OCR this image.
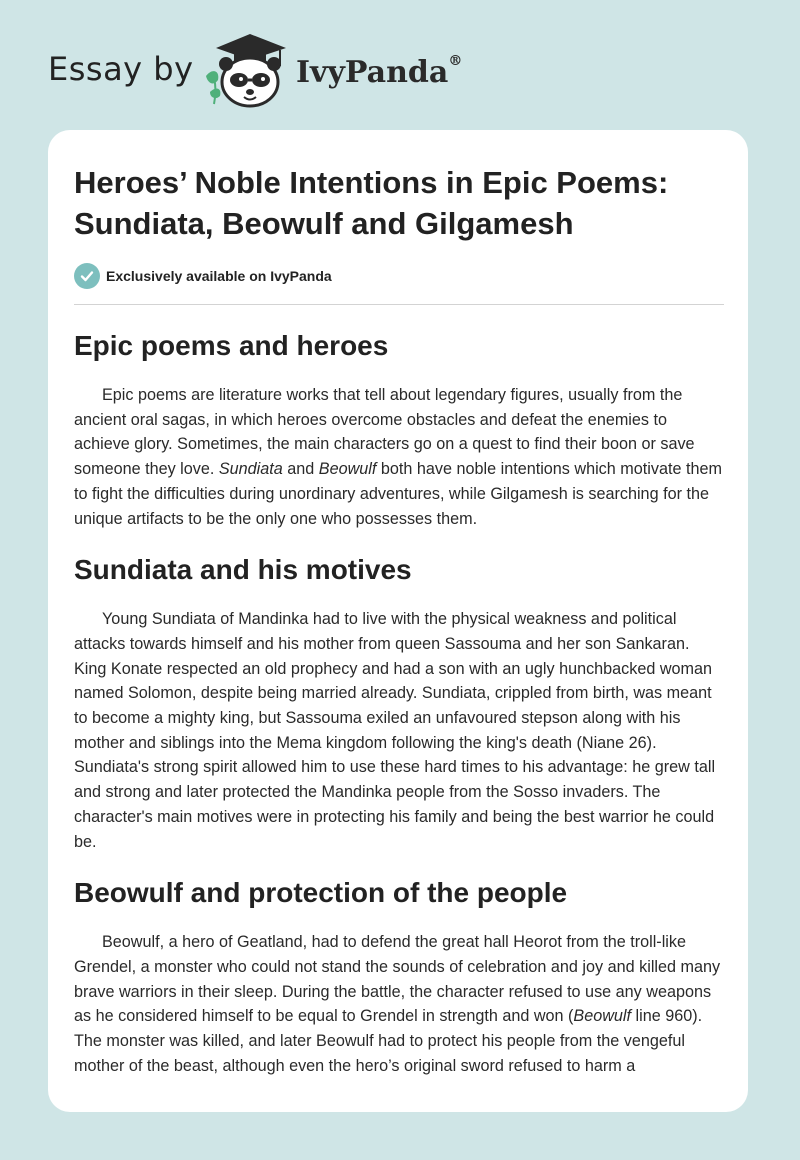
Essay by	IvyPanda®
Heroes’ Noble Intentions in Epic Poems: Sundiata, Beowulf and Gilgamesh
Exclusively available on IvyPanda
Epic poems and heroes

Epic poems are literature works that tell about legendary figures, usually from the ancient oral sagas, in which heroes overcome obstacles and defeat the enemies to achieve glory. Sometimes, the main characters go on a quest to find their boon or save someone they love. Sundiata and Beowulf both have noble intentions which motivate them to fight the difficulties during unordinary adventures, while Gilgamesh is searching for the unique artifacts to be the only one who possesses them.

Sundiata and his motives

Young Sundiata of Mandinka had to live with the physical weakness and political attacks towards himself and his mother from queen Sassouma and her son Sankaran. King Konate respected an old prophecy and had a son with an ugly hunchbacked woman named Solomon, despite being married already. Sundiata, crippled from birth, was meant to become a mighty king, but Sassouma exiled an unfavoured stepson along with his mother and siblings into the Mema kingdom following the king's death (Niane 26). Sundiata's strong spirit allowed him to use these hard times to his advantage: he grew tall and strong and later protected the Mandinka people from the Sosso invaders. The character's main motives were in protecting his family and being the best warrior he could be.

Beowulf and protection of the people

Beowulf, a hero of Geatland, had to defend the great hall Heorot from the troll-like Grendel, a monster who could not stand the sounds of celebration and joy and killed many brave warriors in their sleep. During the battle, the character refused to use any weapons as he considered himself to be equal to Grendel in strength and won (Beowulf line 960). The monster was killed, and later Beowulf had to protect his people from the vengeful mother of the beast, although even the hero’s original sword refused to harm a
